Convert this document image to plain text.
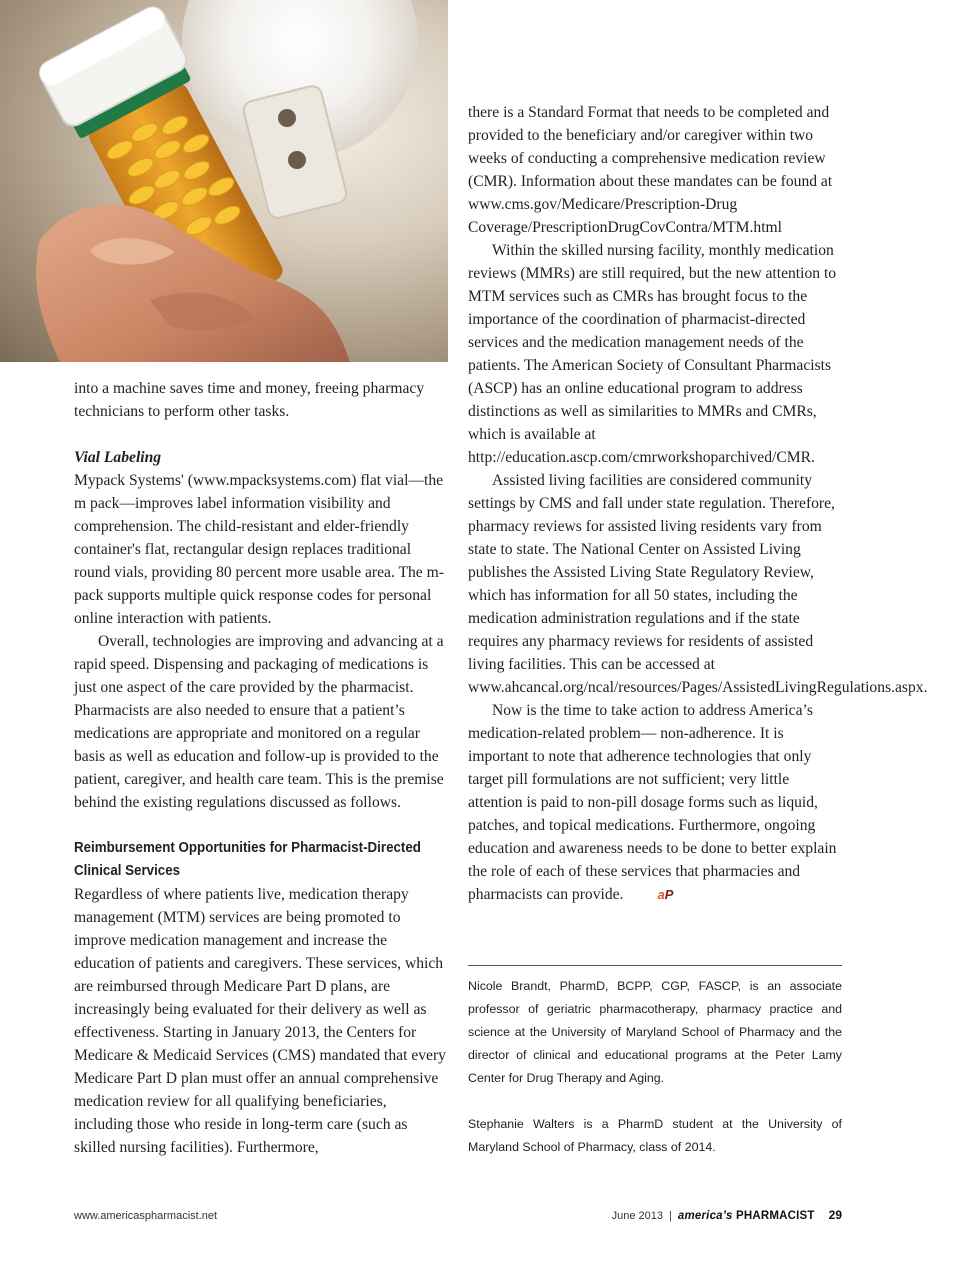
into a machine saves time and money, freeing pharmacy technicians to perform other tasks.

Vial Labeling

Mypack Systems' (www.mpacksystems.com) flat vial—the m pack—improves label information visibility and comprehension. The child-resistant and elder-friendly container's flat, rectangular design replaces traditional round vials, providing 80 percent more usable area. The m-pack supports multiple quick response codes for personal online interaction with patients.

Overall, technologies are improving and advancing at a rapid speed. Dispensing and packaging of medications is just one aspect of the care provided by the pharmacist. Pharmacists are also needed to ensure that a patient’s medications are appropriate and monitored on a regular basis as well as education and follow-up is provided to the patient, caregiver, and health care team. This is the premise behind the existing regulations discussed as follows.

Reimbursement Opportunities for Pharmacist-Directed
Clinical Services

Regardless of where patients live, medication therapy management (MTM) services are being promoted to improve medication management and increase the education of patients and caregivers. These services, which are reimbursed through Medicare Part D plans, are increasingly being evaluated for their delivery as well as effectiveness. Starting in January 2013, the Centers for Medicare & Medicaid Services (CMS) mandated that every Medicare Part D plan must offer an annual comprehensive medication review for all qualifying beneficiaries, including those who reside in long-term care (such as skilled nursing facilities). Furthermore,

there is a Standard Format that needs to be completed and provided to the beneficiary and/or caregiver within two weeks of conducting a comprehensive medication review (CMR). Information about these mandates can be found at www.cms.gov/Medicare/Prescription-Drug Coverage/PrescriptionDrugCovContra/MTM.html

Within the skilled nursing facility, monthly medication reviews (MMRs) are still required, but the new attention to MTM services such as CMRs has brought focus to the importance of the coordination of pharmacist-directed services and the medication management needs of the patients. The American Society of Consultant Pharmacists (ASCP) has an online educational program to address distinctions as well as similarities to MMRs and CMRs, which is available at http://education.ascp.com/cmrworkshoparchived/CMR.

Assisted living facilities are considered community settings by CMS and fall under state regulation. Therefore, pharmacy reviews for assisted living residents vary from state to state. The National Center on Assisted Living publishes the Assisted Living State Regulatory Review, which has information for all 50 states, including the medication administration regulations and if the state requires any pharmacy reviews for residents of assisted living facilities. This can be accessed at www.ahcancal.org/ncal/resources/Pages/AssistedLivingRegulations.aspx.

Now is the time to take action to address America’s medication-related problem— non-adherence. It is important to note that adherence technologies that only target pill formulations are not sufficient; very little attention is paid to non-pill dosage forms such as liquid, patches, and topical medications. Furthermore, ongoing education and awareness needs to be done to better explain the role of each of these services that pharmacies and pharmacists can provide.	aP

Nicole Brandt, PharmD, BCPP, CGP, FASCP, is an associate professor of geriatric pharmacotherapy, pharmacy practice and science at the University of Maryland School of Pharmacy and the director of clinical and educational programs at the Peter Lamy Center for Drug Therapy and Aging.
Stephanie Walters is a PharmD student at the University of Maryland School of Pharmacy, class of 2014.
www.americaspharmacist.net	June 2013 | america’s PHARMACIST 29
